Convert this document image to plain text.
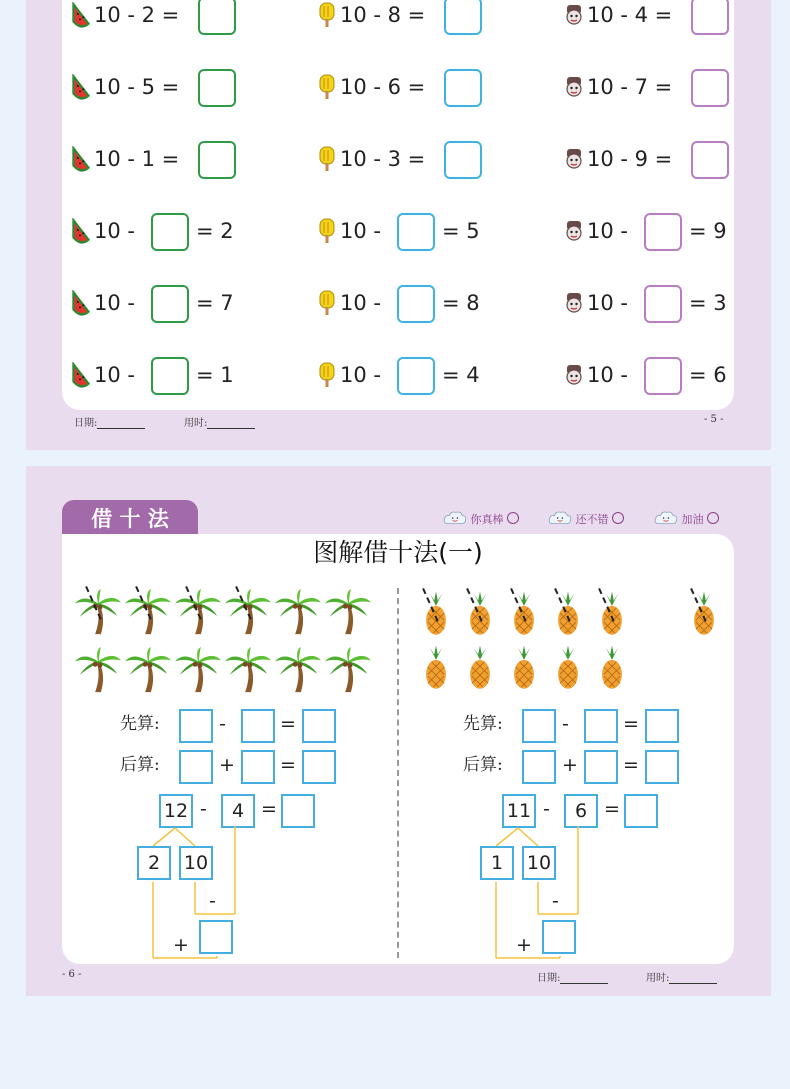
10 - 2 =	10 - 8 =	10 - 4 =
10 - 5 =	10 - 6 =	10 - 7 =
10 - 1 =	10 - 3 =	10 - 9 =
10 -	= 2	10 -	= 5	10 -	= 9
10 -	= 7	10 -	= 8	10 -	= 3
10 -	= 1	10 -	= 4	10 -	= 6
日期:	用时:	- 5 -
借 十 法	你真棒	还不错	加油
图解借十法(一)
先算:	-	=
后算:	+ =
12 -	4 =
2	10
-
+
先算:	-	=
后算:	+ =
11 -	6 =
1	10
-
+
- 6 -	日期:	用时:
